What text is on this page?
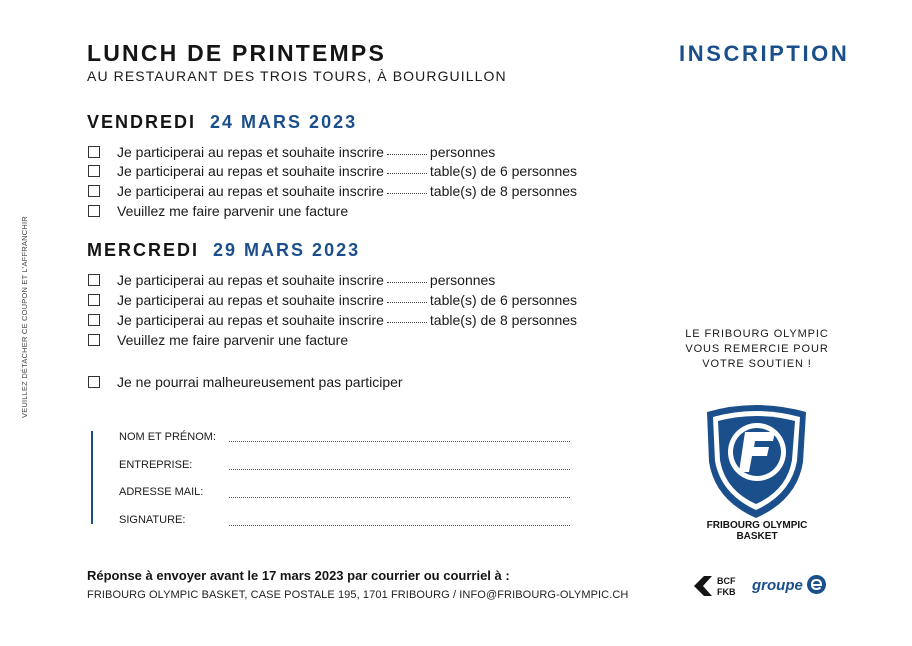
LUNCH DE PRINTEMPS
AU RESTAURANT DES TROIS TOURS, À BOURGUILLON
INSCRIPTION
VEUILLEZ DÉTACHER CE COUPON ET L'AFFRANCHIR
VENDREDI 24 MARS 2023
Je participerai au repas et souhaite inscrire	personnes
Je participerai au repas et souhaite inscrire	table(s) de 6 personnes
Je participerai au repas et souhaite inscrire	table(s) de 8 personnes
Veuillez me faire parvenir une facture
MERCREDI 29 MARS 2023
Je participerai au repas et souhaite inscrire	personnes
Je participerai au repas et souhaite inscrire	table(s) de 6 personnes
Je participerai au repas et souhaite inscrire	table(s) de 8 personnes
Veuillez me faire parvenir une facture
Je ne pourrai malheureusement pas participer
NOM ET PRÉNOM:
ENTREPRISE:
ADRESSE MAIL:
SIGNATURE:
Réponse à envoyer avant le 17 mars 2023 par courrier ou courriel à :
FRIBOURG OLYMPIC BASKET, CASE POSTALE 195, 1701 FRIBOURG / INFO@FRIBOURG-OLYMPIC.CH
LE FRIBOURG OLYMPIC
VOUS REMERCIE POUR
VOTRE SOUTIEN !
FRIBOURG OLYMPIC
BASKET
BCF
FKB groupe
